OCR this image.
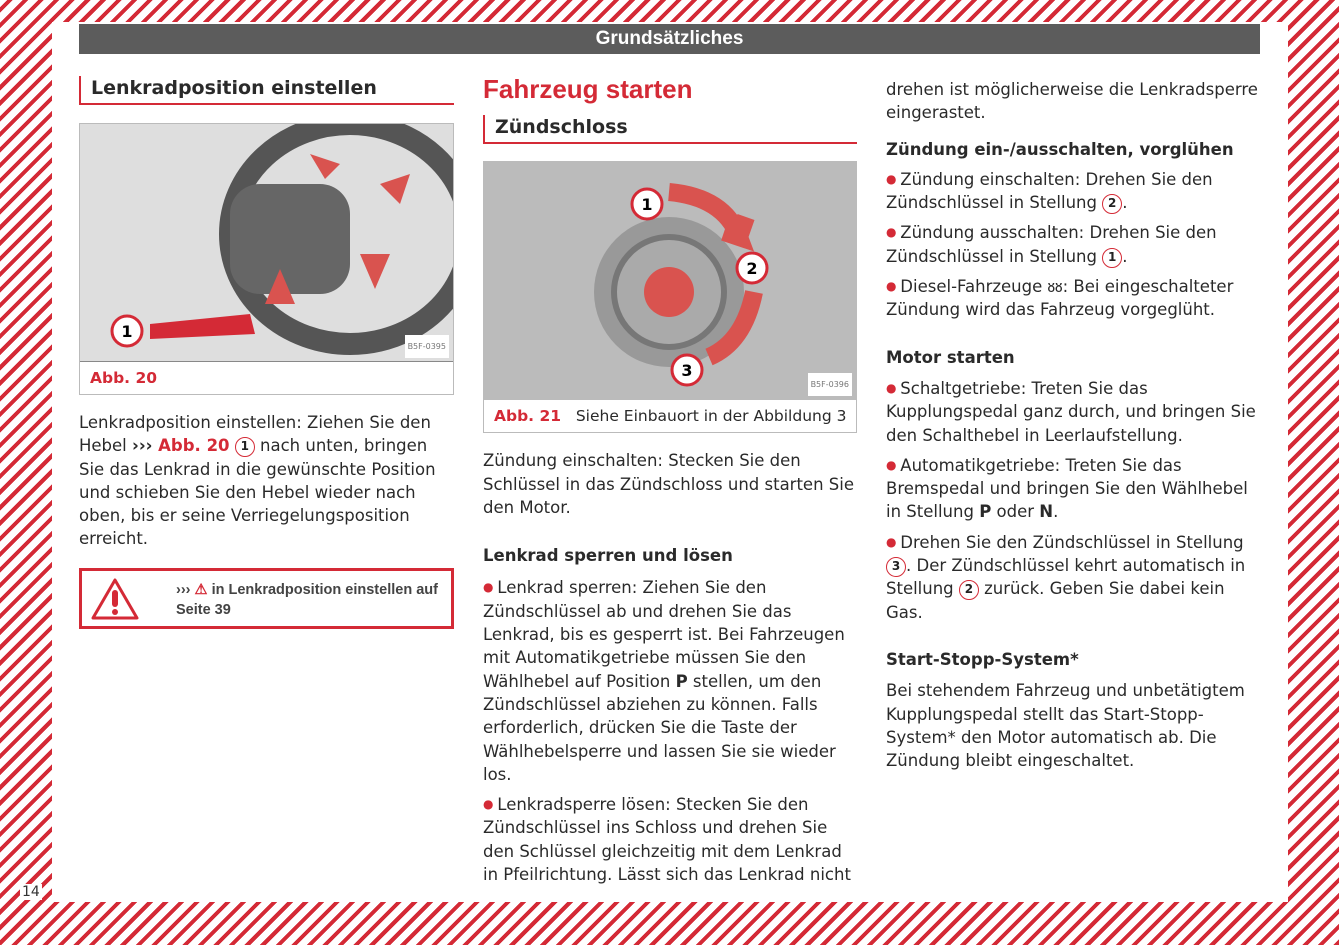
Grundsätzliches
Lenkradposition einstellen
1
B5F-0395
Abb. 20

Lenkradposition einstellen: Ziehen Sie den Hebel ››› Abb. 20 1 nach unten, bringen Sie das Lenkrad in die gewünschte Position und schieben Sie den Hebel wieder nach oben, bis er seine Verriegelungsposition erreicht.

››› ⚠ in Lenkradposition einstellen auf Seite 39
Fahrzeug starten
Zündschloss
1
2
3
B5F-0396
Abb. 21 Siehe Einbauort in der Abbildung 3

Zündung einschalten: Stecken Sie den Schlüssel in das Zündschloss und starten Sie den Motor.

Lenkrad sperren und lösen

● Lenkrad sperren: Ziehen Sie den Zündschlüssel ab und drehen Sie das Lenkrad, bis es gesperrt ist. Bei Fahrzeugen mit Automatikgetriebe müssen Sie den Wählhebel auf Position P stellen, um den Zündschlüssel abziehen zu können. Falls erforderlich, drücken Sie die Taste der Wählhebelsperre und lassen Sie sie wieder los.

● Lenkradsperre lösen: Stecken Sie den Zündschlüssel ins Schloss und drehen Sie den Schlüssel gleichzeitig mit dem Lenkrad in Pfeilrichtung. Lässt sich das Lenkrad nicht

drehen ist möglicherweise die Lenkradsperre eingerastet.

Zündung ein-/ausschalten, vorglühen

● Zündung einschalten: Drehen Sie den Zündschlüssel in Stellung 2 .

● Zündung ausschalten: Drehen Sie den Zündschlüssel in Stellung 1 .

● Diesel-Fahrzeuge ᴕᴕ: Bei eingeschalteter Zündung wird das Fahrzeug vorgeglüht.

Motor starten

● Schaltgetriebe: Treten Sie das Kupplungspedal ganz durch, und bringen Sie den Schalthebel in Leerlaufstellung.

● Automatikgetriebe: Treten Sie das Bremspedal und bringen Sie den Wählhebel in Stellung P oder N.

● Drehen Sie den Zündschlüssel in Stellung 3 . Der Zündschlüssel kehrt automatisch in Stellung 2 zurück. Geben Sie dabei kein Gas.

Start-Stopp-System*

Bei stehendem Fahrzeug und unbetätigtem Kupplungspedal stellt das Start-Stopp-System* den Motor automatisch ab. Die Zündung bleibt eingeschaltet.

14
